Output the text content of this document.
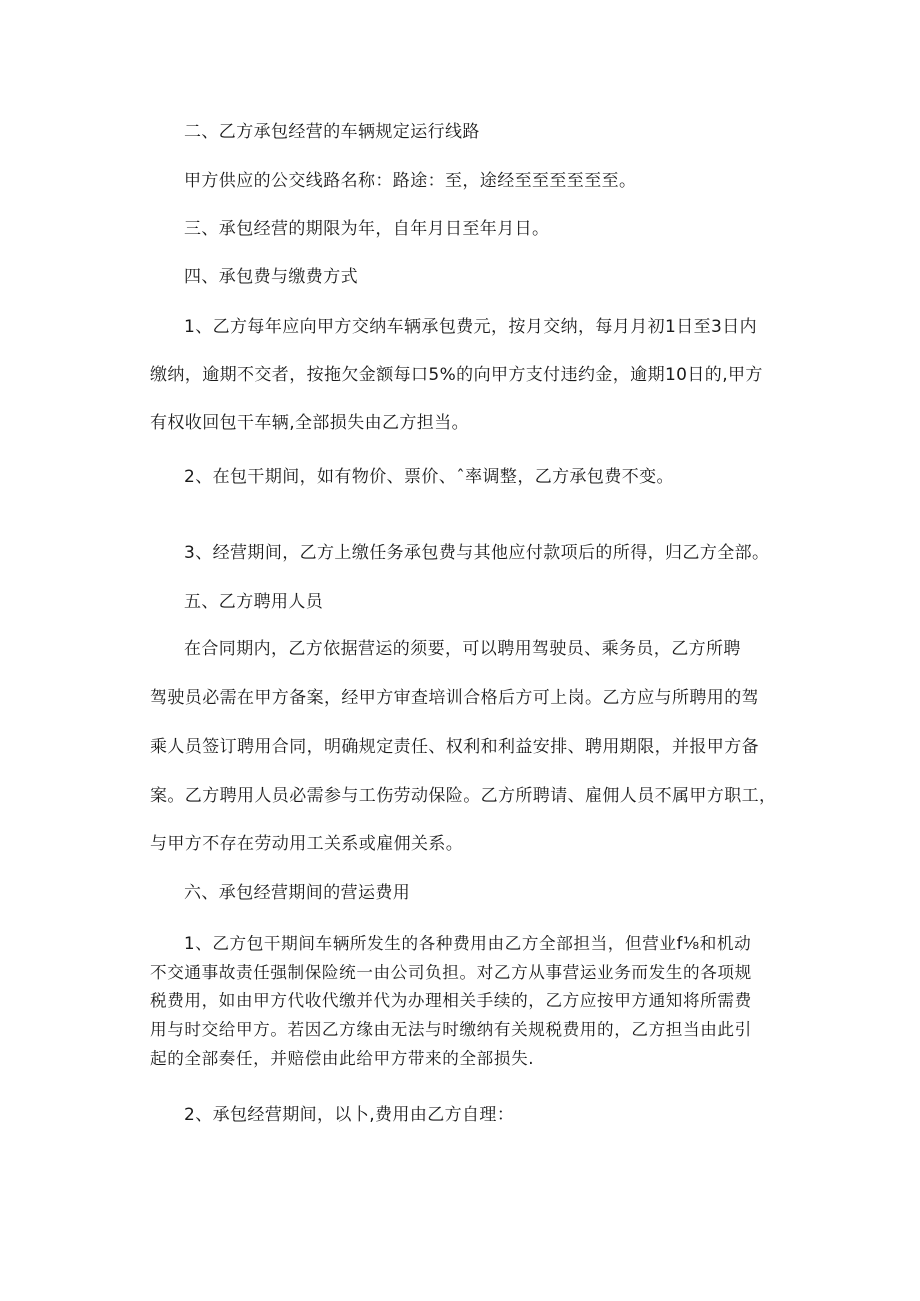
二、乙方承包经营的车辆规定运行线路
甲方供应的公交线路名称：路途：至，途经至至至至至至。
三、承包经营的期限为年，自年月日至年月日。
四、承包费与缴费方式
1、乙方每年应向甲方交纳车辆承包费元，按月交纳，每月月初1日至3日内
缴纳，逾期不交者，按拖欠金额每口5%的向甲方支付违约金，逾期10日的,甲方
有权收回包干车辆,全部损失由乙方担当。
2、在包干期间，如有物价、票价、ˆ率调整，乙方承包费不变。
3、经营期间，乙方上缴任务承包费与其他应付款项后的所得，归乙方全部。
五、乙方聘用人员
在合同期内，乙方依据营运的须要，可以聘用驾驶员、乘务员，乙方所聘
驾驶员必需在甲方备案，经甲方审查培训合格后方可上岗。乙方应与所聘用的驾
乘人员签订聘用合同，明确规定责任、权利和利益安排、聘用期限，并报甲方备
案。乙方聘用人员必需参与工伤劳动保险。乙方所聘请、雇佣人员不属甲方职工，
与甲方不存在劳动用工关系或雇佣关系。
六、承包经营期间的营运费用
1、乙方包干期间车辆所发生的各种费用由乙方全部担当，但营业f⅛和机动
不交通事故责任强制保险统一由公司负担。对乙方从事营运业务而发生的各项规
税费用，如由甲方代收代缴并代为办理相关手续的，乙方应按甲方通知将所需费
用与时交给甲方。若因乙方缘由无法与时缴纳有关规税费用的，乙方担当由此引
起的全部奏任，并赔偿由此给甲方带来的全部损失.
2、承包经营期间，以卜,费用由乙方自理：
